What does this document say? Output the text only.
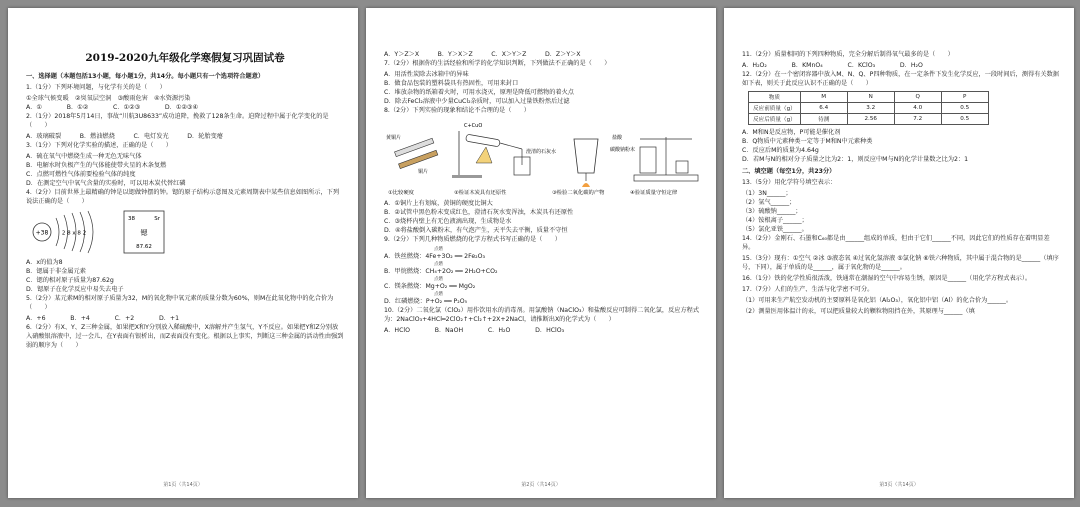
2019-2020九年级化学寒假复习巩固试卷
一、选择题（本题包括13小题，每小题1分，共14分。每小题只有一个选项符合题意）
1.（1分）下列环境问题，与化学有关的是（　　）
①全球气候变暖　②臭氧层空洞　③酸雨危害　④水资源污染
A．①　　　　B．①②　　　　C．①②③　　　　D．①②③④
2.（1分）2018年5月14日，事故“川航3U8633”成功迫降，挽救了128条生命。迫降过程中属于化学变化的是（　　）
A．玻璃破裂　　　B．燃油燃烧　　　C．电灯发光　　　D．轮胎变瘪
3.（1分）下列对化学实验的描述，正确的是（　　）
A．硫在氧气中燃烧生成一种无色无味气体
B．电解水时负极产生的气体能使带火星的木条复燃
C．点燃可燃性气体前要检验气体的纯度
D．在测定空气中氧气含量的实验时，可以用木炭代替红磷
4.（2分）目前世界上最精确的钟是以锶做钟摆的钟。锶的原子结构示意图及元素周期表中某些信息如图所示，下列说法正确的是（　　）
+38 2 8 x 8 2
38	Sr
锶
87.62
A．x的值为8
B．锶属于非金属元素
C．锶的相对原子质量为87.62g
D．锶原子在化学反应中易失去电子
5.（2分）某元素M的相对原子质量为32，M的氧化物中氧元素的质量分数为60%，则M在此氧化物中的化合价为（　　）
A．+6　　　　B．+4　　　　C．+2　　　　D．+1
6.（2分）有X、Y、Z三种金属，如果把X和Y分别放入稀硫酸中，X溶解并产生氢气，Y不反应。如果把Y和Z分别放入硝酸银溶液中，过一会儿，在Y表面有银析出，而Z表面没有变化。根据以上事实，判断这三种金属的活动性由强到弱的顺序为（　　）
第1页（共14页）
A．Y＞Z＞X　　　B．Y＞X＞Z　　　C．X＞Y＞Z　　　D．Z＞Y＞X
7.（2分）根据你的生活经验和所学的化学知识判断，下列做法不正确的是（　　）
A．用活性炭除去冰箱中的异味
B．做食品包装的塑料袋具有热固性，可用来封口
C．堆放杂物的纸箱着火时，可用水浇灭，原理是降低可燃物的着火点
D．除去FeCl₂溶液中少量CuCl₂杂质时，可以加入过量铁粉然后过滤
8.（2分）下列实验的现象和结论不合理的是（　　）
黄铜片
铜片
C+CuO
澄清的石灰水
盐酸
碳酸钠粉末
①比较硬度	②检证木炭具有还原性	③检验二氧化碳的产物	④验证质量守恒定律
A．①铜片上有划痕，黄铜的硬度比铜大
B．②试管中黑色粉末变成红色，澄清石灰水变浑浊，木炭具有还原性
C．③烧杯内壁上有无色液滴出现，生成物是水
D．④将盐酸倒入碳粉末，有气泡产生，天平失去平衡，质量不守恒
9.（2分）下列几种物质燃烧的化学方程式书写正确的是（　　）
点燃
A．铁丝燃烧：4Fe+3O₂ ══ 2Fe₂O₃
点燃
B．甲烷燃烧：CH₄+2O₂ ══ 2H₂O+CO₂
点燃
C．镁条燃烧：Mg+O₂ ══ MgO₂
点燃
D．红磷燃烧：P+O₂ ══ P₂O₅
10.（2分）二氧化氯（ClO₂）用作饮用水的消毒剂。用氯酸钠（NaClO₃）和盐酸反应可制得二氧化氯，反应方程式为：2NaClO₃+4HCl═2ClO₂↑+Cl₂↑+2X+2NaCl，请推断出X的化学式为（　　）
A．HClO　　　　B．NaOH　　　　C．H₂O　　　　D．HClO₃
第2页（共14页）
11.（2分）质量相同的下列四种物质，完全分解后制得氧气最多的是（　　）
A．H₂O₂　　　　B．KMnO₄　　　　C．KClO₃　　　　D．H₂O
12.（2分）在一个密闭容器中放入M、N、Q、P四种物质，在一定条件下发生化学反应，一段时间后，测得有关数据如下表，则关于此反应认识不正确的是（　　）
物质	M	N	Q	P
反应前质量（g）	6.4	3.2	4.0	0.5
反应后质量（g）	待测	2.56	7.2	0.5
A．M和N是反应物，P可能是催化剂
B．Q物质中元素种类一定等于M和N中元素种类
C．反应后M的质量为4.64g
D．若M与N的相对分子质量之比为2：1，则反应中M与N的化学计量数之比为2：1
二、填空题（每空1分，共23分）
13.（5分）用化学符号填空表示：
（1）3N______；
（2）氩气______；
（3）硫酸钠______；
（4）铵根离子______；
（5）氯化亚铁______。
14.（2分）金刚石、石墨和C₆₀都是由______组成的单质，但由于它们______不同，因此它们的性质存在着明显差异。
15.（3分）现有：①空气 ②冰 ③液态氧 ④过氧化氢溶液 ⑤氯化钠 ⑥铁六种物质，其中属于混合物的是______（填序号，下同），属于单质的是______，属于氧化物的是______。
16.（1分）铁的化学性质很活泼，铁通常在潮湿的空气中容易生锈，原因是______（用化学方程式表示）。
17.（7分）人们的生产、生活与化学密不可分。
（1）可用来生产航空发动机的主要原料是氧化铝（Al₂O₃），氧化铝中铝（Al）的化合价为______。
（2）测量医用体温计的汞，可以把质量较大的颗粒物阻挡在外，其原理与______（填
第3页（共14页）
